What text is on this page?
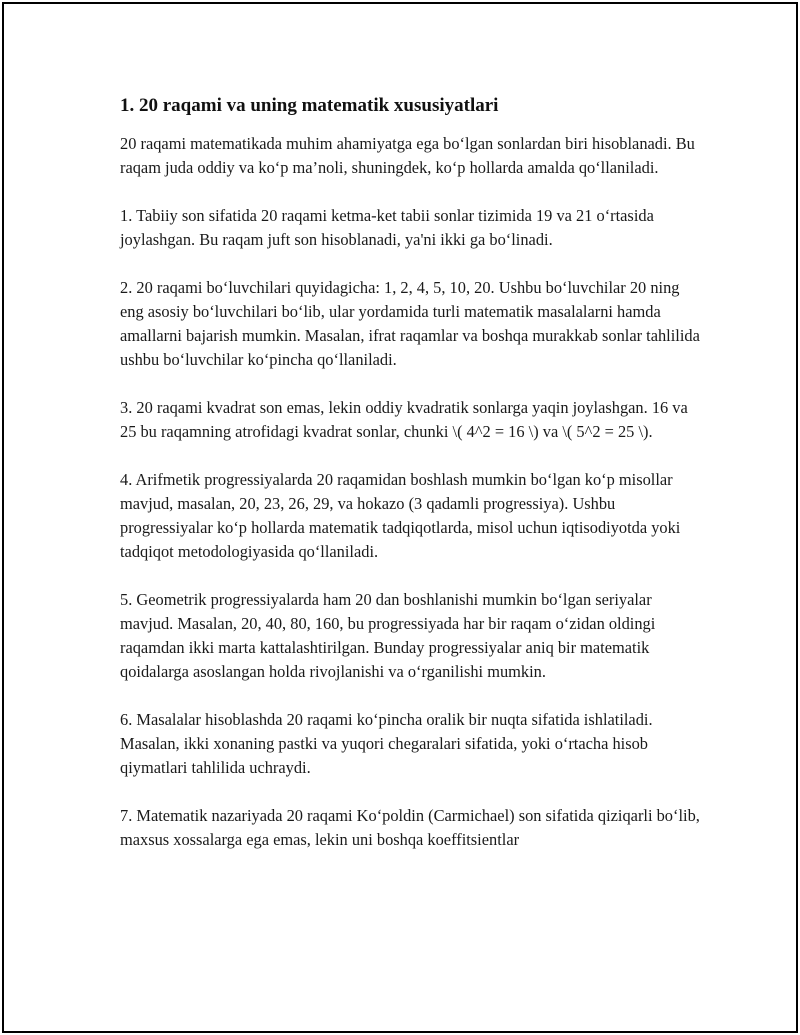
1. 20 raqami va uning matematik xususiyatlari

20 raqami matematikada muhim ahamiyatga ega bo‘lgan sonlardan biri hisoblanadi. Bu raqam juda oddiy va ko‘p ma’noli, shuningdek, ko‘p hollarda amalda qo‘llaniladi.

1. Tabiiy son sifatida 20 raqami ketma-ket tabii sonlar tizimida 19 va 21 o‘rtasida joylashgan. Bu raqam juft son hisoblanadi, ya'ni ikki ga bo‘linadi.

2. 20 raqami bo‘luvchilari quyidagicha: 1, 2, 4, 5, 10, 20. Ushbu bo‘luvchilar 20 ning eng asosiy bo‘luvchilari bo‘lib, ular yordamida turli matematik masalalarni hamda amallarni bajarish mumkin. Masalan, ifrat raqamlar va boshqa murakkab sonlar tahlilida ushbu bo‘luvchilar ko‘pincha qo‘llaniladi.

3. 20 raqami kvadrat son emas, lekin oddiy kvadratik sonlarga yaqin joylashgan. 16 va 25 bu raqamning atrofidagi kvadrat sonlar, chunki \( 4^2 = 16 \) va \( 5^2 = 25 \).

4. Arifmetik progressiyalarda 20 raqamidan boshlash mumkin bo‘lgan ko‘p misollar mavjud, masalan, 20, 23, 26, 29, va hokazo (3 qadamli progressiya). Ushbu progressiyalar ko‘p hollarda matematik tadqiqotlarda, misol uchun iqtisodiyotda yoki tadqiqot metodologiyasida qo‘llaniladi.

5. Geometrik progressiyalarda ham 20 dan boshlanishi mumkin bo‘lgan seriyalar mavjud. Masalan, 20, 40, 80, 160, bu progressiyada har bir raqam o‘zidan oldingi raqamdan ikki marta kattalashtirilgan. Bunday progressiyalar aniq bir matematik qoidalarga asoslangan holda rivojlanishi va o‘rganilishi mumkin.

6. Masalalar hisoblashda 20 raqami ko‘pincha oralik bir nuqta sifatida ishlatiladi. Masalan, ikki xonaning pastki va yuqori chegaralari sifatida, yoki o‘rtacha hisob qiymatlari tahlilida uchraydi.

7. Matematik nazariyada 20 raqami Ko‘poldin (Carmichael) son sifatida qiziqarli bo‘lib, maxsus xossalarga ega emas, lekin uni boshqa koeffitsientlar
